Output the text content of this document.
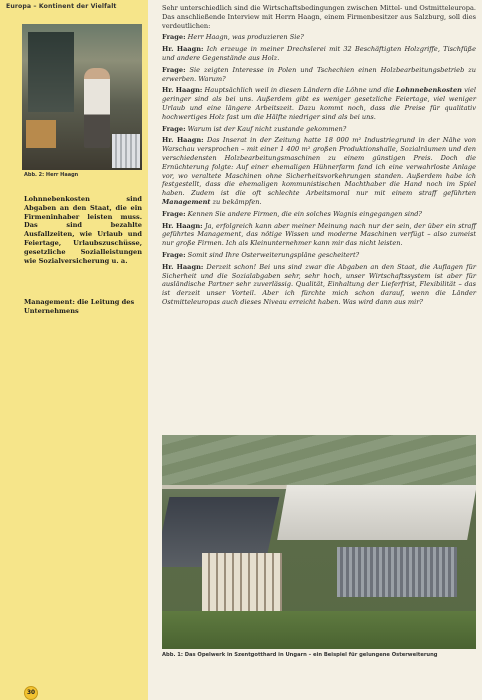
Europa – Kontinent der Vielfalt
Abb. 2: Herr Haagn
Lohnnebenkosten sind Abgaben an den Staat, die ein Firmeninhaber leisten muss. Das sind bezahlte Ausfallzeiten, wie Urlaub und Feiertage, Urlaubszuschüsse, gesetzliche Sozialleistungen wie Sozialversicherung u. a.
Management: die Leitung des Unternehmens
30

Sehr unterschiedlich sind die Wirtschaftsbedingungen zwischen Mittel- und Ostmitteleuropa. Das anschließende Interview mit Herrn Haagn, einem Firmenbesitzer aus Salzburg, soll dies verdeutlichen:

Frage: Herr Haagn, was produzieren Sie?

Hr. Haagn: Ich erzeuge in meiner Drechslerei mit 32 Beschäftigten Holzgriffe, Tischfüße und andere Gegenstände aus Holz.

Frage: Sie zeigten Interesse in Polen und Tschechien einen Holzbearbeitungsbetrieb zu erwerben. Warum?

Hr. Haagn: Hauptsächlich weil in diesen Ländern die Löhne und die Lohnnebenkosten viel geringer sind als bei uns. Außerdem gibt es weniger gesetzliche Feiertage, viel weniger Urlaub und eine längere Arbeitszeit. Dazu kommt noch, dass die Preise für qualitativ hochwertiges Holz fast um die Hälfte niedriger sind als bei uns.

Frage: Warum ist der Kauf nicht zustande gekommen?

Hr. Haagn: Das Inserat in der Zeitung hatte 18 000 m² Industriegrund in der Nähe von Warschau versprochen – mit einer 1 400 m² großen Produktionshalle, Sozialräumen und den verschiedensten Holzbearbeitungsmaschinen zu einem günstigen Preis. Doch die Ernüchterung folgte: Auf einer ehemaligen Hühnerfarm fand ich eine verwahrloste Anlage vor, wo veraltete Maschinen ohne Sicherheitsvorkehrungen standen. Außerdem habe ich festgestellt, dass die ehemaligen kommunistischen Machthaber die Hand noch im Spiel haben. Zudem ist die oft schlechte Arbeitsmoral nur mit einem straff geführten Management zu bekämpfen.

Frage: Kennen Sie andere Firmen, die ein solches Wagnis eingegangen sind?

Hr. Haagn: Ja, erfolgreich kann aber meiner Meinung nach nur der sein, der über ein straff geführtes Management, das nötige Wissen und moderne Maschinen verfügt – also zumeist nur große Firmen. Ich als Kleinunternehmer kann mir das nicht leisten.

Frage: Somit sind Ihre Osterweiterungspläne gescheitert?

Hr. Haagn: Derzeit schon! Bei uns sind zwar die Abgaben an den Staat, die Auflagen für Sicherheit und die Sozialabgaben sehr, sehr hoch, unser Wirtschaftssystem ist aber für ausländische Partner sehr zuverlässig. Qualität, Einhaltung der Lieferfrist, Flexibilität – das ist derzeit unser Vorteil. Aber ich fürchte mich schon darauf, wenn die Länder Ostmitteleuropas auch dieses Niveau erreicht haben. Was wird dann aus mir?

Abb. 1: Das Opelwerk in Szentgotthard in Ungarn – ein Beispiel für gelungene Osterweiterung
